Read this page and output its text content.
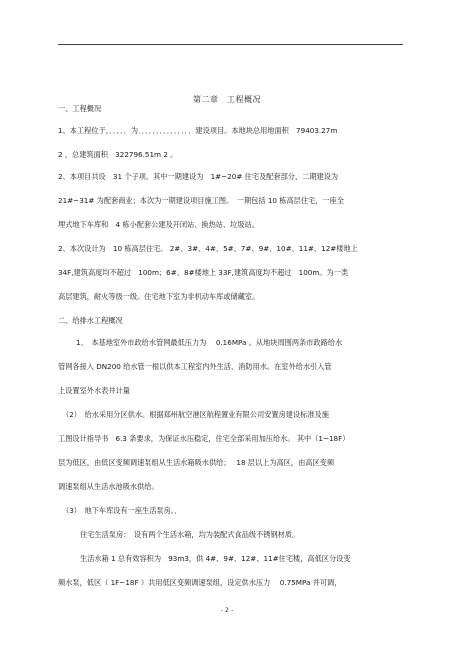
第二章　工程概况
一、工程概况
1、本工程位于，．．．．．为．．．．．．．．．．．．．．．建设项目。本地块总用地面积　79403.27m
2 ，总建筑面积　322796.51m 2 。
2、本项目共设　31 个子项。其中一期建设为　1#~20# 住宅及配套部分，二期建设为
21#~31# 为配套商业；本次为一期建设项目施工图。　一期包括 10 栋高层住宅，一座全
埋式地下车库和　4 栋小配套公建及开闭站、换热站、垃圾站。
2、本次设计为　10 栋高层住宅。 2#、3#、4#、5#、7#、9#、10#、11#、12#楼地上
34F,建筑高度均不超过　100m；6#、8#楼地上 33F,建筑高度均不超过　100m。为一类
高层建筑，耐火等级一级。住宅地下室为非机动车库或储藏室。
二、给排水工程概况
1、　本基地室外市政给水管网最低压力为　 0.16MPa 。从地块周围两条市政路给水
管网各接入 DN200 给水管一根以供本工程室内外生活、消防用水。在室外给水引入管
上设置室外水表井计量
（2）　给水采用分区供水。根据郑州航空港区航程置业有限公司安置房建设标准及施
工图设计指导书　6.3 条要求，为保证水压稳定，住宅全部采用加压给水。 其中（1~18F）
层为低区，由低区变频调速泵组从生活水箱吸水供给；　 18 层以上为高区，由高区变频
调速泵组从生活水池吸水供给。
（3）　地下车库设有一座生活泵房。．
住宅生活泵房：　设有两个生活水箱，均为装配式食品级不锈钢材质。
生活水箱 1 总有效容积为　93m3，供 4#、9#、12#、11#住宅楼，高低区分设变
频水泵，低区（ 1F~18F ）共用低区变频调速泵组，设定供水压力　 0.75MPa 并可调，
- 2 -
